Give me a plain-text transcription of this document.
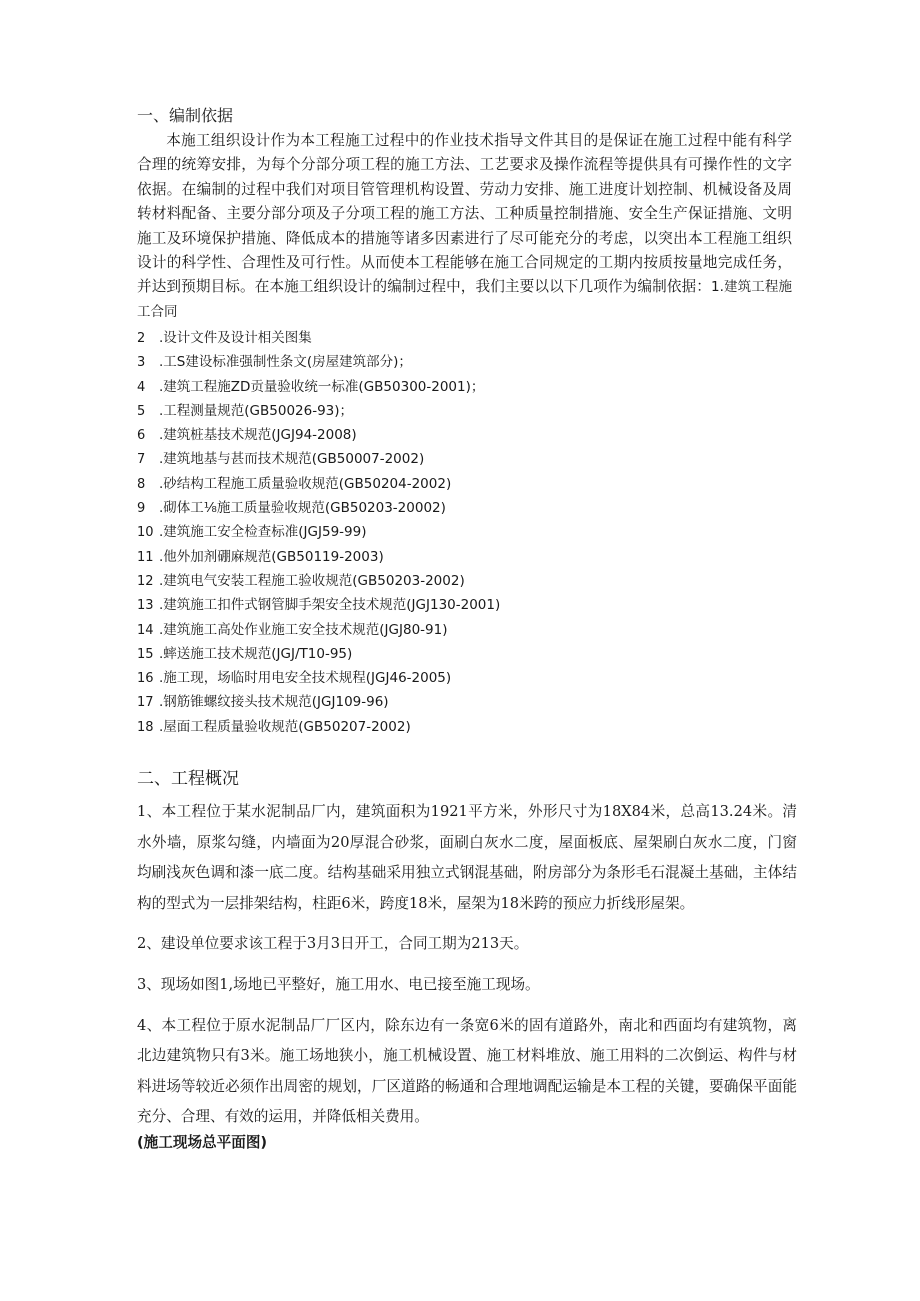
一、编制依据
本施工组织设计作为本工程施工过程中的作业技术指导文件其目的是保证在施工过程中能有科学合理的统筹安排，为每个分部分项工程的施工方法、工艺要求及操作流程等提供具有可操作性的文字依据。在编制的过程中我们对项目管管理机构设置、劳动力安排、施工进度计划控制、机械设备及周转材料配备、主要分部分项及子分项工程的施工方法、工种质量控制措施、安全生产保证措施、文明施工及环境保护措施、降低成本的措施等诸多因素进行了尽可能充分的考虑，以突出本工程施工组织设计的科学性、合理性及可行性。从而使本工程能够在施工合同规定的工期内按质按量地完成任务，并达到预期目标。在本施工组织设计的编制过程中，我们主要以以下几项作为编制依据：1.建筑工程施工合同
2 .设计文件及设计相关图集
3 .工S建设标准强制性条文(房屋建筑部分)；
4 .建筑工程施ZD贡量验收统一标准(GB50300-2001)；
5 .工程测量规范(GB50026-93)；
6 .建筑桩基技术规范(JGJ94-2008)
7 .建筑地基与甚而技术规范(GB50007-2002)
8 .砂结构工程施工质量验收规范(GB50204-2002)
9 .砌体工⅛施工质量验收规范(GB50203-20002)
10 .建筑施工安全检查标准(JGJ59-99)
11 .他外加剂硼麻规范(GB50119-2003)
12 .建筑电气安装工程施工验收规范(GB50203-2002)
13 .建筑施工扣件式钢管脚手架安全技术规范(JGJ130-2001)
14 .建筑施工高处作业施工安全技术规范(JGJ80-91)
15 .蟀送施工技术规范(JGJ/T10-95)
16 .施工现，场临时用电安全技术规程(JGJ46-2005)
17 .钢筋锥螺纹接头技术规范(JGJ109-96)
18 .屋面工程质量验收规范(GB50207-2002)
二、工程概况

1、本工程位于某水泥制品厂内，建筑面积为1921平方米，外形尺寸为18X84米，总高13.24米。清水外墙，原浆勾缝，内墙面为20厚混合砂浆，面刷白灰水二度，屋面板底、屋架刷白灰水二度，门窗均刷浅灰色调和漆一底二度。结构基础采用独立式钢混基础，附房部分为条形毛石混凝土基础，主体结构的型式为一层排架结构，柱距6米，跨度18米，屋架为18米跨的预应力折线形屋架。

2、建设单位要求该工程于3月3日开工，合同工期为213天。

3、现场如图1,场地已平整好，施工用水、电已接至施工现场。

4、本工程位于原水泥制品厂厂区内，除东边有一条宽6米的固有道路外，南北和西面均有建筑物，离北边建筑物只有3米。施工场地狭小，施工机械设置、施工材料堆放、施工用料的二次倒运、构件与材料进场等较近必须作出周密的规划，厂区道路的畅通和合理地调配运输是本工程的关键，要确保平面能充分、合理、有效的运用，并降低相关费用。

(施工现场总平面图)
